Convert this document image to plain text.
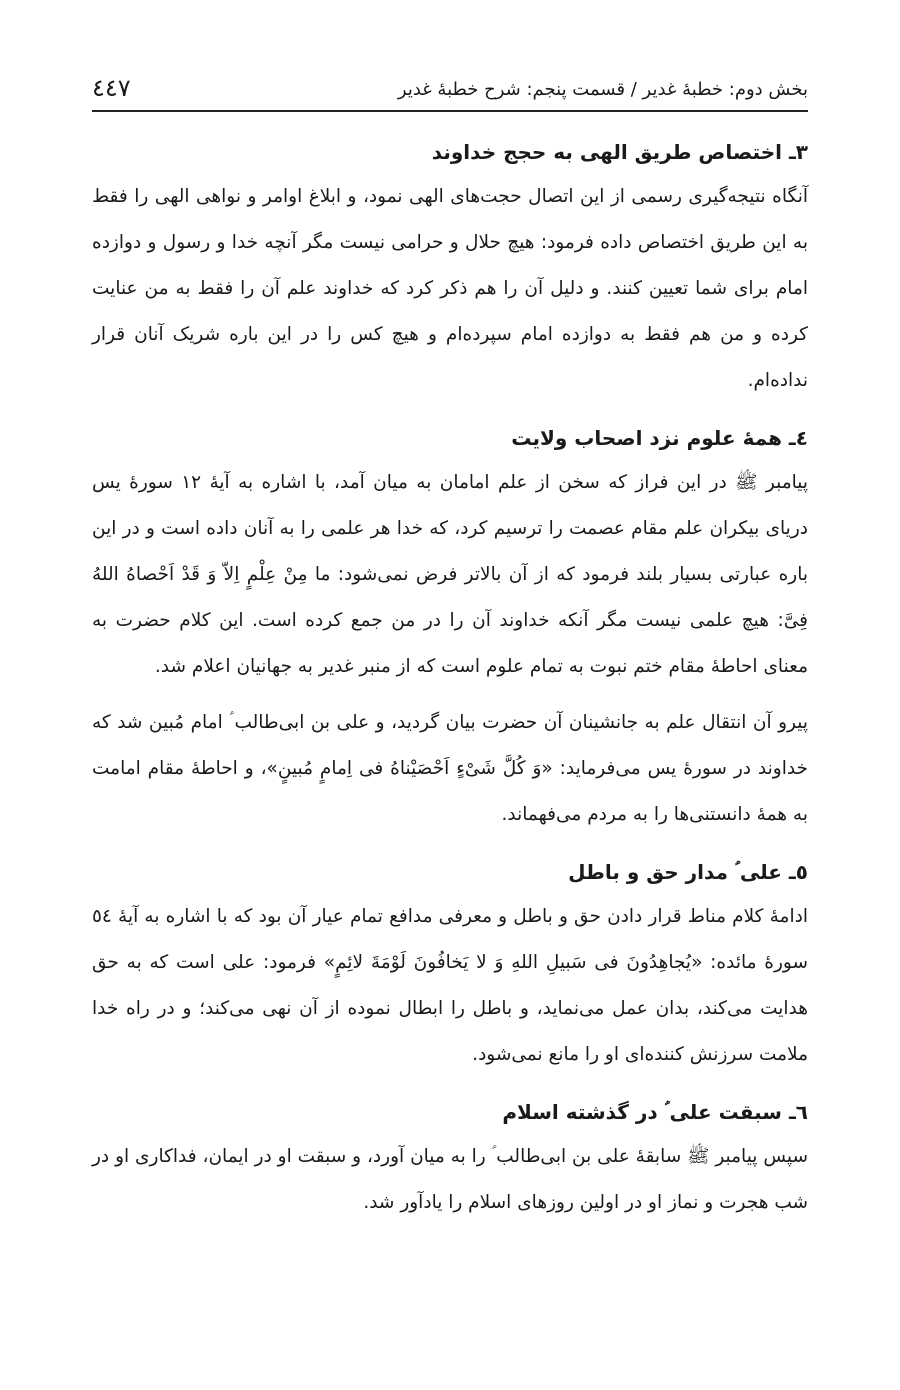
بخش دوم: خطبهٔ غدیر / قسمت پنجم: شرح خطبهٔ غدیر
٤٤٧
٣ـ اختصاص طریق الهی به حجج خداوند

آنگاه نتیجه‌گیری رسمی از این اتصال حجت‌های الهی نمود، و ابلاغ اوامر و نواهی الهی را فقط به این طریق اختصاص داده فرمود: هیچ حلال و حرامی نیست مگر آنچه خدا و رسول و دوازده امام برای شما تعیین کنند. و دلیل آن را هم ذکر کرد که خداوند علم آن را فقط به من عنایت کرده و من هم فقط به دوازده امام سپرده‌ام و هیچ کس را در این باره شریک آنان قرار نداده‌ام.

٤ـ همهٔ علوم نزد اصحاب ولایت

پیامبر ﷺ در این فراز که سخن از علم امامان به میان آمد، با اشاره به آیهٔ ١٢ سورهٔ یس دریای بیکران علم مقام عصمت را ترسیم کرد، که خدا هر علمی را به آنان داده است و در این باره عبارتی بسیار بلند فرمود که از آن بالاتر فرض نمی‌شود: ما مِنْ عِلْمٍ اِلاّ وَ قَدْ اَحْصاهُ اللهُ فِیَّ: هیچ علمی نیست مگر آنکه خداوند آن را در من جمع کرده است. این کلام حضرت به معنای احاطهٔ مقام ختم نبوت به تمام علوم است که از منبر غدیر به جهانیان اعلام شد.

پیرو آن انتقال علم به جانشینان آن حضرت بیان گردید، و علی بن ابی‌طالب ؑ امام مُبین شد که خداوند در سورهٔ یس می‌فرماید: «وَ کُلَّ شَیْءٍ اَحْصَیْناهُ فی اِمامٍ مُبینٍ»، و احاطهٔ مقام امامت به همهٔ دانستنی‌ها را به مردم می‌فهماند.

٥ـ علی ؑ مدار حق و باطل

ادامهٔ کلام مناط قرار دادن حق و باطل و معرفی مدافع تمام عیار آن بود که با اشاره به آیهٔ ٥٤ سورهٔ مائده: «یُجاهِدُونَ فی سَبیلِ اللهِ وَ لا یَخافُونَ لَوْمَةَ لائِمٍ» فرمود: علی است که به حق هدایت می‌کند، بدان عمل می‌نماید، و باطل را ابطال نموده از آن نهی می‌کند؛ و در راه خدا ملامت سرزنش کننده‌ای او را مانع نمی‌شود.

٦ـ سبقت علی ؑ در گذشته اسلام

سپس پیامبر ﷺ سابقهٔ علی بن ابی‌طالب ؑ را به میان آورد، و سبقت او در ایمان، فداکاری او در شب هجرت و نماز او در اولین روزهای اسلام را یادآور شد.
